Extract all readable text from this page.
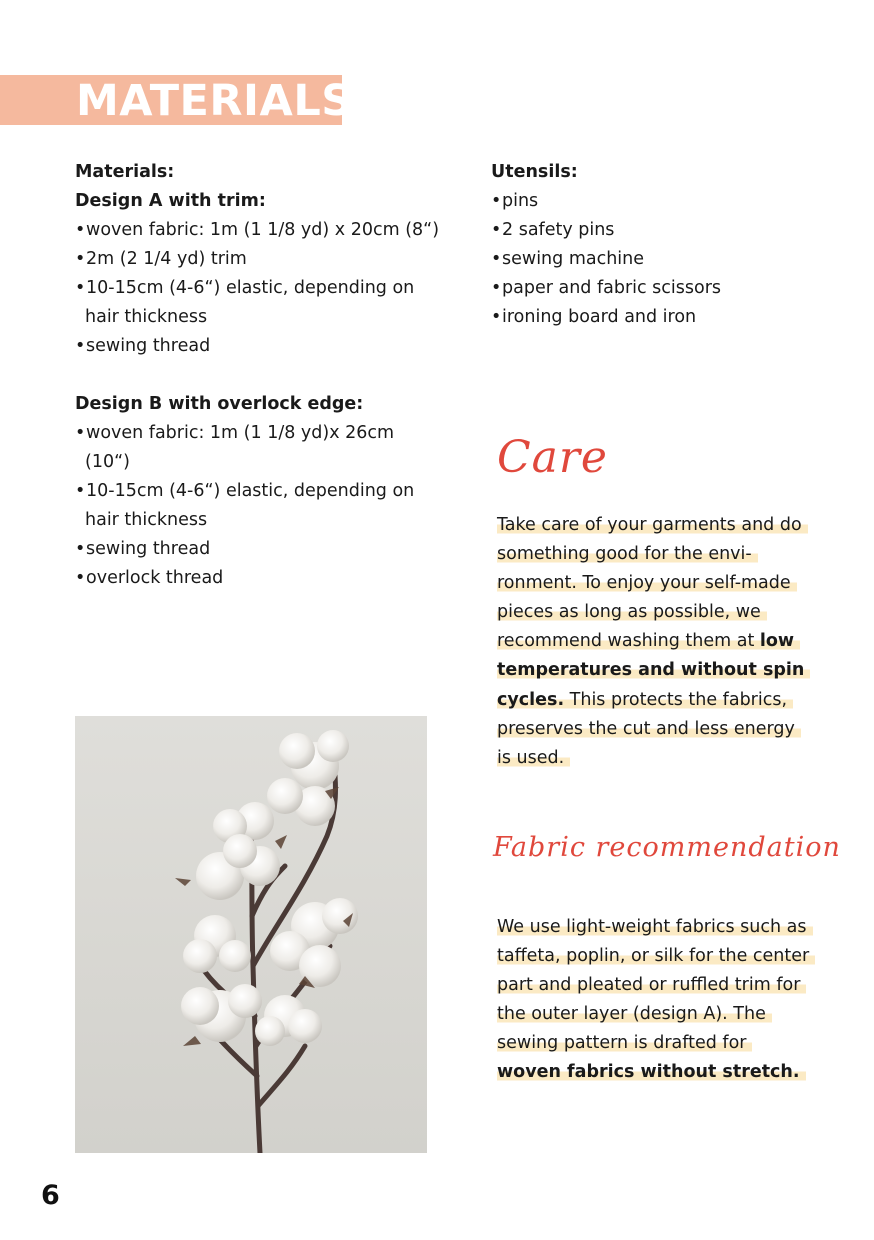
MATERIALS

Materials:

Design A with trim:

• woven fabric: 1m (1 1/8 yd) x 20cm (8“)
• 2m (2 1/4 yd) trim
• 10-15cm (4-6“) elastic, depending on
hair thickness
• sewing thread

Design B with overlock edge:

• woven fabric: 1m (1 1/8 yd)x 26cm
(10“)
• 10-15cm (4-6“) elastic, depending on
hair thickness
• sewing thread
• overlock thread

Utensils:

• pins
• 2 safety pins
• sewing machine
• paper and fabric scissors
• ironing board and iron
Care

Take care of your garments and do something good for the envi-ronment. To enjoy your self-made pieces as long as possible, we recommend washing them at low temperatures and without spin cycles. This protects the fabrics, preserves the cut and less energy is used.

Fabric recommendation

We use light-weight fabrics such as taffeta, poplin, or silk for the center part and pleated or ruffled trim for the outer layer (design A). The sewing pattern is drafted for woven fabrics without stretch.

6
